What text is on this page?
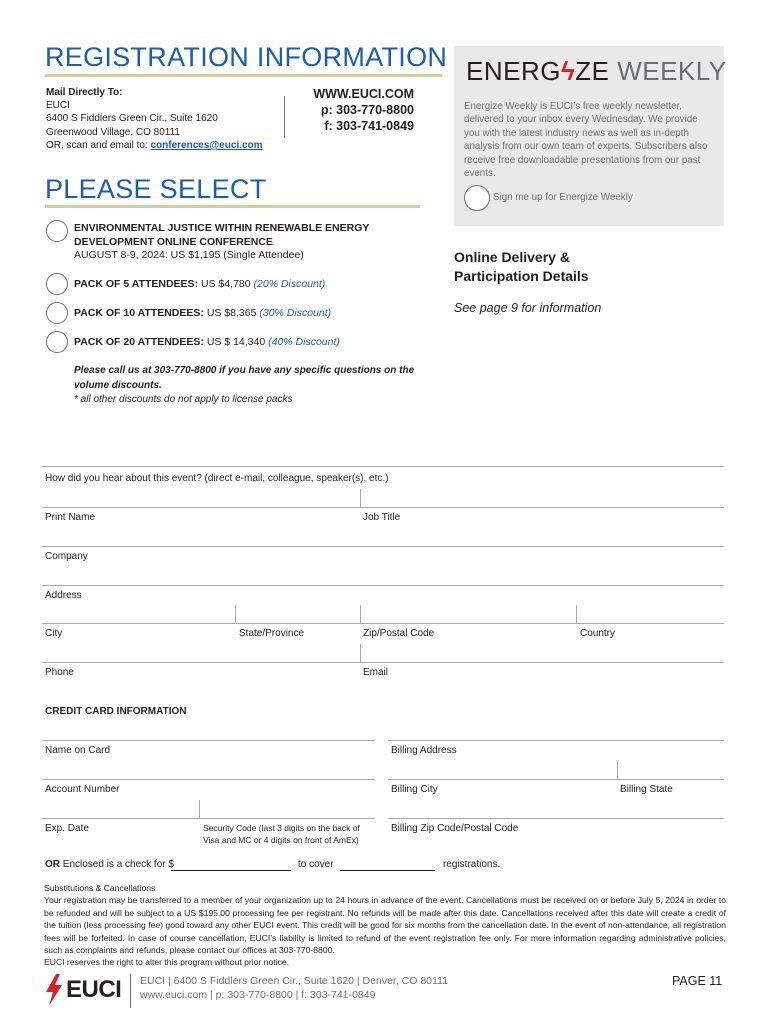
REGISTRATION INFORMATION
Mail Directly To:
EUCI
6400 S Fiddlers Green Cir., Suite 1620
Greenwood Village, CO 80111
OR, scan and email to: conferences@euci.com
WWW.EUCI.COM
p: 303-770-8800
f: 303-741-0849
ENERGϟZE WEEKLY
Energize Weekly is EUCI’s free weekly newsletter, delivered to your inbox every Wednesday. We provide you with the latest industry news as well as in-depth analysis from our own team of experts. Subscribers also receive free downloadable presentations from our past events.
Sign me up for Energize Weekly
PLEASE SELECT
ENVIRONMENTAL JUSTICE WITHIN RENEWABLE ENERGY
DEVELOPMENT ONLINE CONFERENCE
AUGUST 8-9, 2024: US $1,195 (Single Attendee)
PACK OF 5 ATTENDEES: US $4,780 (20% Discount)
PACK OF 10 ATTENDEES: US $8,365 (30% Discount)
PACK OF 20 ATTENDEES: US $ 14,340 (40% Discount)
Please call us at 303-770-8800 if you have any specific questions on the
volume discounts.
* all other discounts do not apply to license packs
Online Delivery &
Participation Details
See page 9 for information
How did you hear about this event? (direct e-mail, colleague, speaker(s), etc.)
Print Name	Job Title
Company
Address
City	State/Province	Zip/Postal Code	Country
Phone	Email
CREDIT CARD INFORMATION
Name on Card	Billing Address
Account Number	Billing City	Billing State
Exp. Date	Security Code (last 3 digits on the back of
Visa and MC or 4 digits on front of AmEx)
Billing Zip Code/Postal Code
OR Enclosed is a check for $	to cover	registrations.
Substitutions & Cancellations
Your registration may be transferred to a member of your organization up to 24 hours in advance of the event. Cancellations must be received on or before July 5, 2024 in order to be refunded and will be subject to a US $195.00 processing fee per registrant. No refunds will be made after this date. Cancellations received after this date will create a credit of the tuition (less processing fee) good toward any other EUCI event. This credit will be good for six months from the cancellation date. In the event of non-attendance, all registration fees will be forfeited. In case of course cancellation, EUCI’s liability is limited to refund of the event registration fee only. For more information regarding administrative policies, such as complaints and refunds, please contact our offices at 303-770-8800.
EUCI reserves the right to alter this program without prior notice.
EUCI EUCI | 6400 S Fiddlers Green Cir., Suite 1620 | Denver, CO 80111
www.euci.com | p: 303-770-8800 | f: 303-741-0849
PAGE 11
